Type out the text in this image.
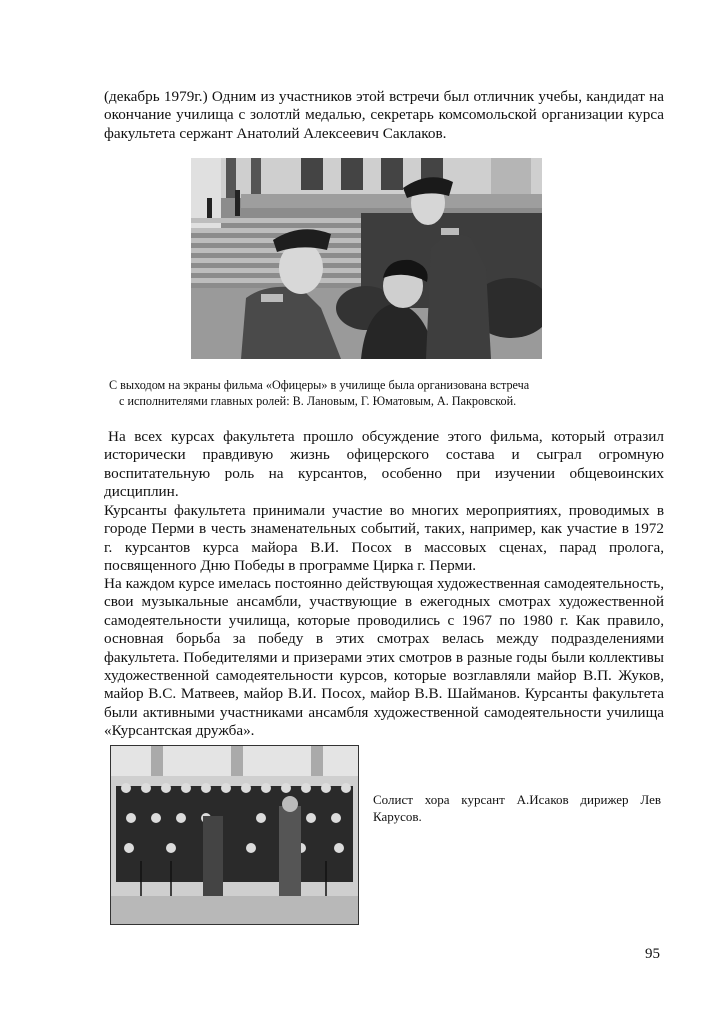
(декабрь 1979г.) Одним из участников этой встречи был отличник учебы, кандидат на окончание училища с золотлй медалью, секретарь комсомольской организации курса факультета сержант Анатолий Алексеевич Саклаков.

С выходом на экраны фильма «Офицеры» в училище была организована встреча
с исполнителями главных ролей: В. Лановым, Г. Юматовым, А. Пакровской.

На всех курсах факультета прошло обсуждение этого фильма, который отразил исторически правдивую жизнь офицерского состава и сыграл огромную воспитательную роль на курсантов, особенно при изучении общевоинских дисциплин.

Курсанты факультета принимали участие во многих мероприятиях, проводимых в городе Перми в честь знаменательных событий, таких, например, как участие в 1972 г. курсантов курса майора В.И. Посох в массовых сценах, парад пролога, посвященного Дню Победы в программе Цирка г. Перми.

На каждом курсе имелась постоянно действующая художественная самодеятельность, свои музыкальные ансамбли, участвующие в ежегодных смотрах художественной самодеятельности училища, которые проводились с 1967 по 1980 г. Как правило, основная борьба за победу в этих смотрах велась между подразделениями факультета. Победителями и призерами этих смотров в разные годы были коллективы художественной самодеятельности курсов, которые возглавляли майор В.П. Жуков, майор В.С. Матвеев, майор В.И. Посох, майор В.В. Шайманов. Курсанты факультета были активными участниками ансамбля художественной самодеятельности училища «Курсантская дружба».

Солист хора курсант А.Исаков дирижер Лев Карусов.

95
